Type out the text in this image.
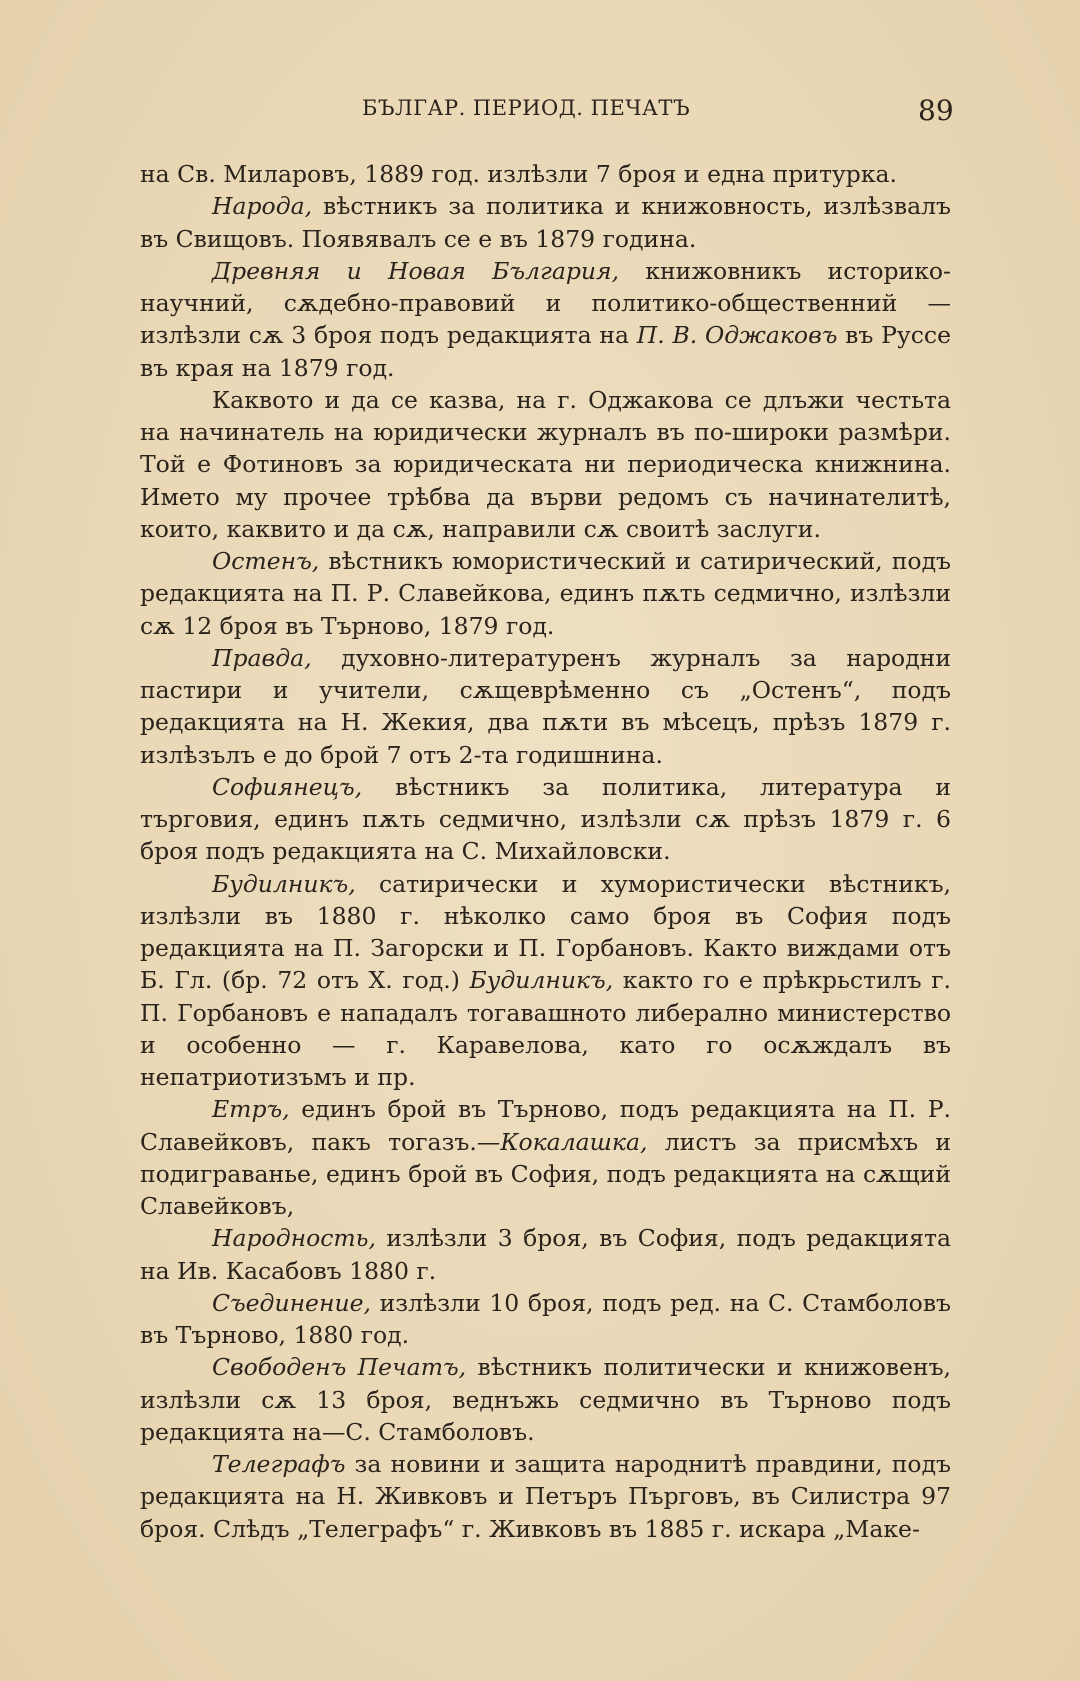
БЪЛГАР. ПЕРИОД. ПЕЧАТЪ	89

на Св. Миларовъ, 1889 год. излѣзли 7 броя и една притурка.

Народа, вѣстникъ за политика и книжовность, излѣзвалъ въ Свищовъ. Появявалъ се е въ 1879 година.

Древняя и Новая България, книжовникъ историко-научний, сѫдебно-правовий и политико-общественний — излѣзли сѫ 3 броя подъ редакцията на П. В. Оджаковъ въ Руссе въ края на 1879 год.

Каквото и да се казва, на г. Оджакова се длъжи честьта на начинатель на юридически журналъ въ по-широки размѣри. Той е Фотиновъ за юридическата ни периодическа книжнина. Името му прочее трѣбва да върви редомъ съ начинателитѣ, които, каквито и да сѫ, направили сѫ своитѣ заслуги.

Остенъ, вѣстникъ юмористический и сатирический, подъ редакцията на П. Р. Славейкова, единъ пѫть седмично, излѣзли сѫ 12 броя въ Търново, 1879 год.

Правда, духовно-литературенъ журналъ за народни пастири и учители, сѫщеврѣменно съ „Остенъ“, подъ редакцията на Н. Жекия, два пѫти въ мѣсецъ, прѣзъ 1879 г. излѣзълъ е до брой 7 отъ 2-та годишнина.

Софиянецъ, вѣстникъ за политика, литература и търговия, единъ пѫть седмично, излѣзли сѫ прѣзъ 1879 г. 6 броя подъ редакцията на С. Михайловски.

Будилникъ, сатирически и хумористически вѣстникъ, излѣзли въ 1880 г. нѣколко само броя въ София подъ редакцията на П. Загорски и П. Горбановъ. Както виждами отъ Б. Гл. (бр. 72 отъ Х. год.) Будилникъ, както го е прѣкрьстилъ г. П. Горбановъ е нападалъ тогавашното либерално министерство и особенно — г. Каравелова, като го осѫждалъ въ непатриотизъмъ и пр.

Етръ, единъ брой въ Търново, подъ редакцията на П. Р. Славейковъ, пакъ тогазъ.—Кокалашка, листъ за присмѣхъ и подиграванье, единъ брой въ София, подъ редакцията на сѫщий Славейковъ,

Народность, излѣзли 3 броя, въ София, подъ редакцията на Ив. Касабовъ 1880 г.

Съединение, излѣзли 10 броя, подъ ред. на С. Стамболовъ въ Търново, 1880 год.

Свободенъ Печатъ, вѣстникъ политически и книжовенъ, излѣзли сѫ 13 броя, веднъжь седмично въ Търново подъ редакцията на—С. Стамболовъ.

Телеграфъ за новини и защита народнитѣ правдини, подъ редакцията на Н. Живковъ и Петъръ Пърговъ, въ Силистра 97 броя. Слѣдъ „Телеграфъ“ г. Живковъ въ 1885 г. искара „Маке-
